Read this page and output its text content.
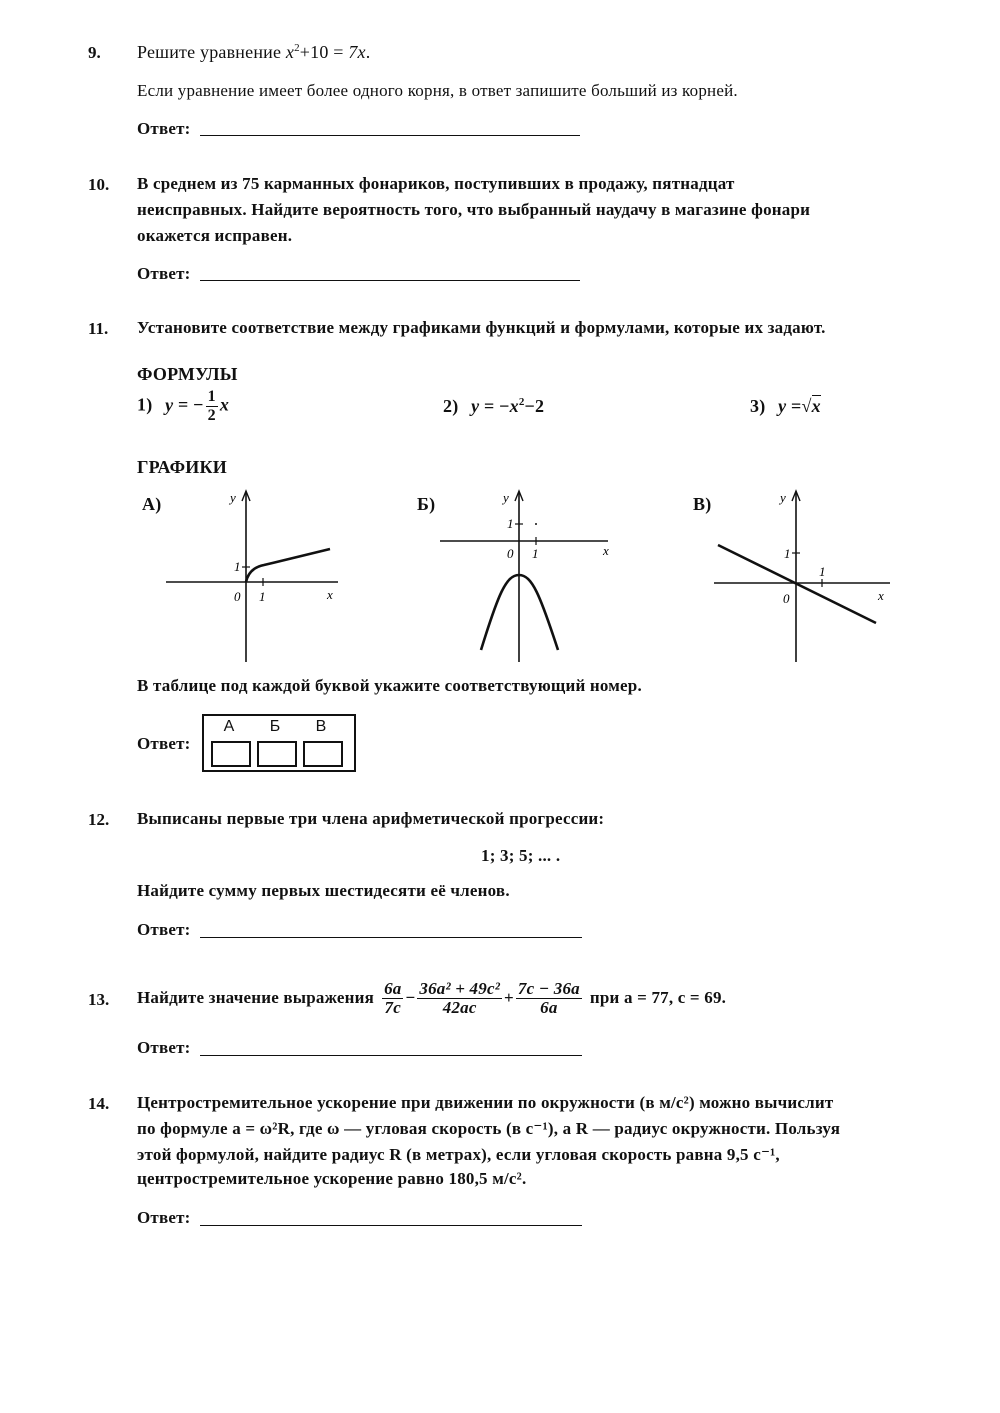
9. Решите уравнение $x^2+10 = 7x$.
Если уравнение имеет более одного корня, в ответ запишите больший из корней.
Ответ:
10. В среднем из 75 карманных фонариков, поступивших в продажу, пятнадцат
неисправных. Найдите вероятность того, что выбранный наудачу в магазине фонари
окажется исправен.
Ответ:
11. Установите соответствие между графиками функций и формулами, которые их задают.
ФОРМУЛЫ
1) y = − $\frac{1}{2}$ x	2) $y = -x^2-2$	3) y =√x
ГРАФИКИ
А)	Б)	В)
y
1
0 1	x
y
1
0 1	x
y
1
0
1
x
В таблице под каждой буквой укажите соответствующий номер.
Ответ:
А	Б	В
12. Выписаны первые три члена арифметической прогрессии:
1; 3; 5; ... .
Найдите сумму первых шестидесяти её членов.
Ответ:
13. Найдите значение выражения $\frac{6a}{7c} - \frac{\text{36a² + 49c²}}{42ac} + \frac{7c - 36a}{6a}$ при a = 77, c = 69.
Ответ:
14. Центростремительное ускорение при движении по окружности (в м/с²) можно вычислит
по формуле a = ω²R, где ω — угловая скорость (в с⁻¹), а R — радиус окружности. Пользуя
этой формулой, найдите радиус R (в метрах), если угловая скорость равна 9,5 с⁻¹,
центростремительное ускорение равно 180,5 м/с².
Ответ:
